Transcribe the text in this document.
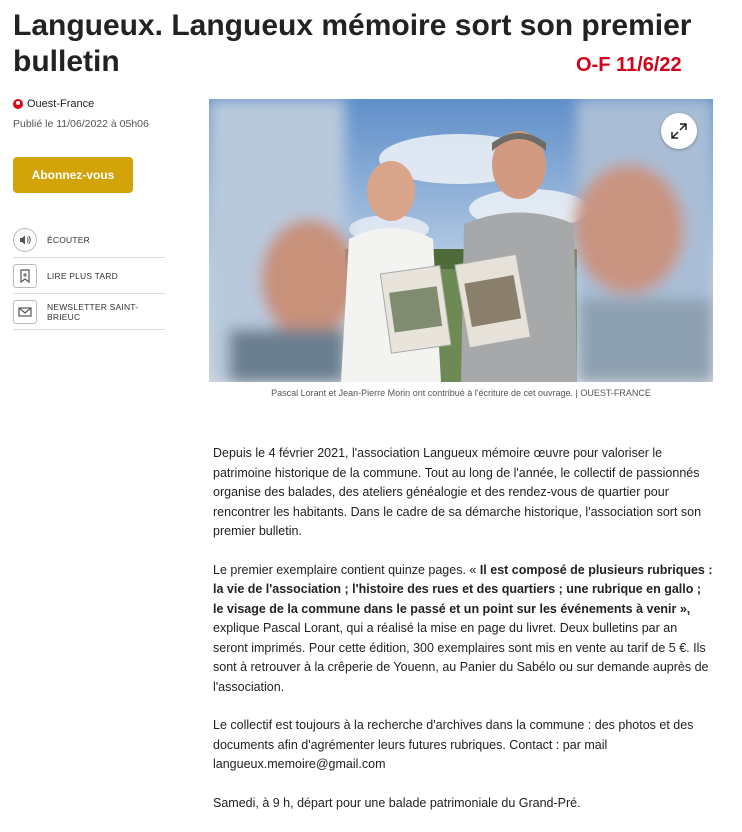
Langueux. Langueux mémoire sort son premier bulletin	O-F 11/6/22
Ouest-France
Publié le 11/06/2022 à 05h06
Abonnez-vous
ÉCOUTER
LIRE PLUS TARD
NEWSLETTER SAINT-BRIEUC
Pascal Lorant et Jean-Pierre Morin ont contribué à l'écriture de cet ouvrage. | OUEST-FRANCE

Depuis le 4 février 2021, l'association Langueux mémoire œuvre pour valoriser le patrimoine historique de la commune. Tout au long de l'année, le collectif de passionnés organise des balades, des ateliers généalogie et des rendez-vous de quartier pour rencontrer les habitants. Dans le cadre de sa démarche historique, l'association sort son premier bulletin.

Le premier exemplaire contient quinze pages. « Il est composé de plusieurs rubriques : la vie de l'association ; l'histoire des rues et des quartiers ; une rubrique en gallo ; le visage de la commune dans le passé et un point sur les événements à venir », explique Pascal Lorant, qui a réalisé la mise en page du livret. Deux bulletins par an seront imprimés. Pour cette édition, 300 exemplaires sont mis en vente au tarif de 5 €. Ils sont à retrouver à la crêperie de Youenn, au Panier du Sabélo ou sur demande auprès de l'association.

Le collectif est toujours à la recherche d'archives dans la commune : des photos et des documents afin d'agrémenter leurs futures rubriques. Contact : par mail langueux.memoire@gmail.com

Samedi, à 9 h, départ pour une balade patrimoniale du Grand-Pré.
